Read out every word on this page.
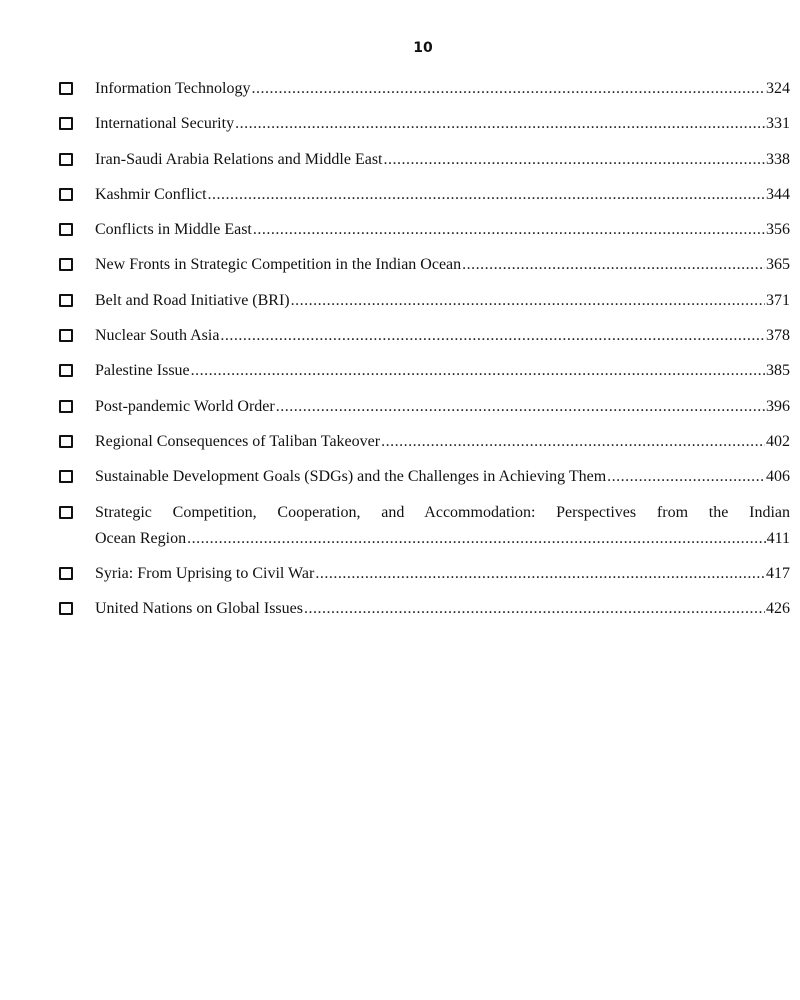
10
Information Technology .....	324
International Security .....	331
Iran-Saudi Arabia Relations and Middle East .....	338
Kashmir Conflict .....	344
Conflicts in Middle East .....	356
New Fronts in Strategic Competition in the Indian Ocean .....	365
Belt and Road Initiative (BRI) .....	371
Nuclear South Asia .....	378
Palestine Issue .....	385
Post-pandemic World Order .....	396
Regional Consequences of Taliban Takeover .....	402
Sustainable Development Goals (SDGs) and the Challenges in Achieving Them .....	406
Strategic Competition, Cooperation, and Accommodation: Perspectives from the Indian
Ocean Region .....	411
Syria: From Uprising to Civil War .....	417
United Nations on Global Issues .....	426
